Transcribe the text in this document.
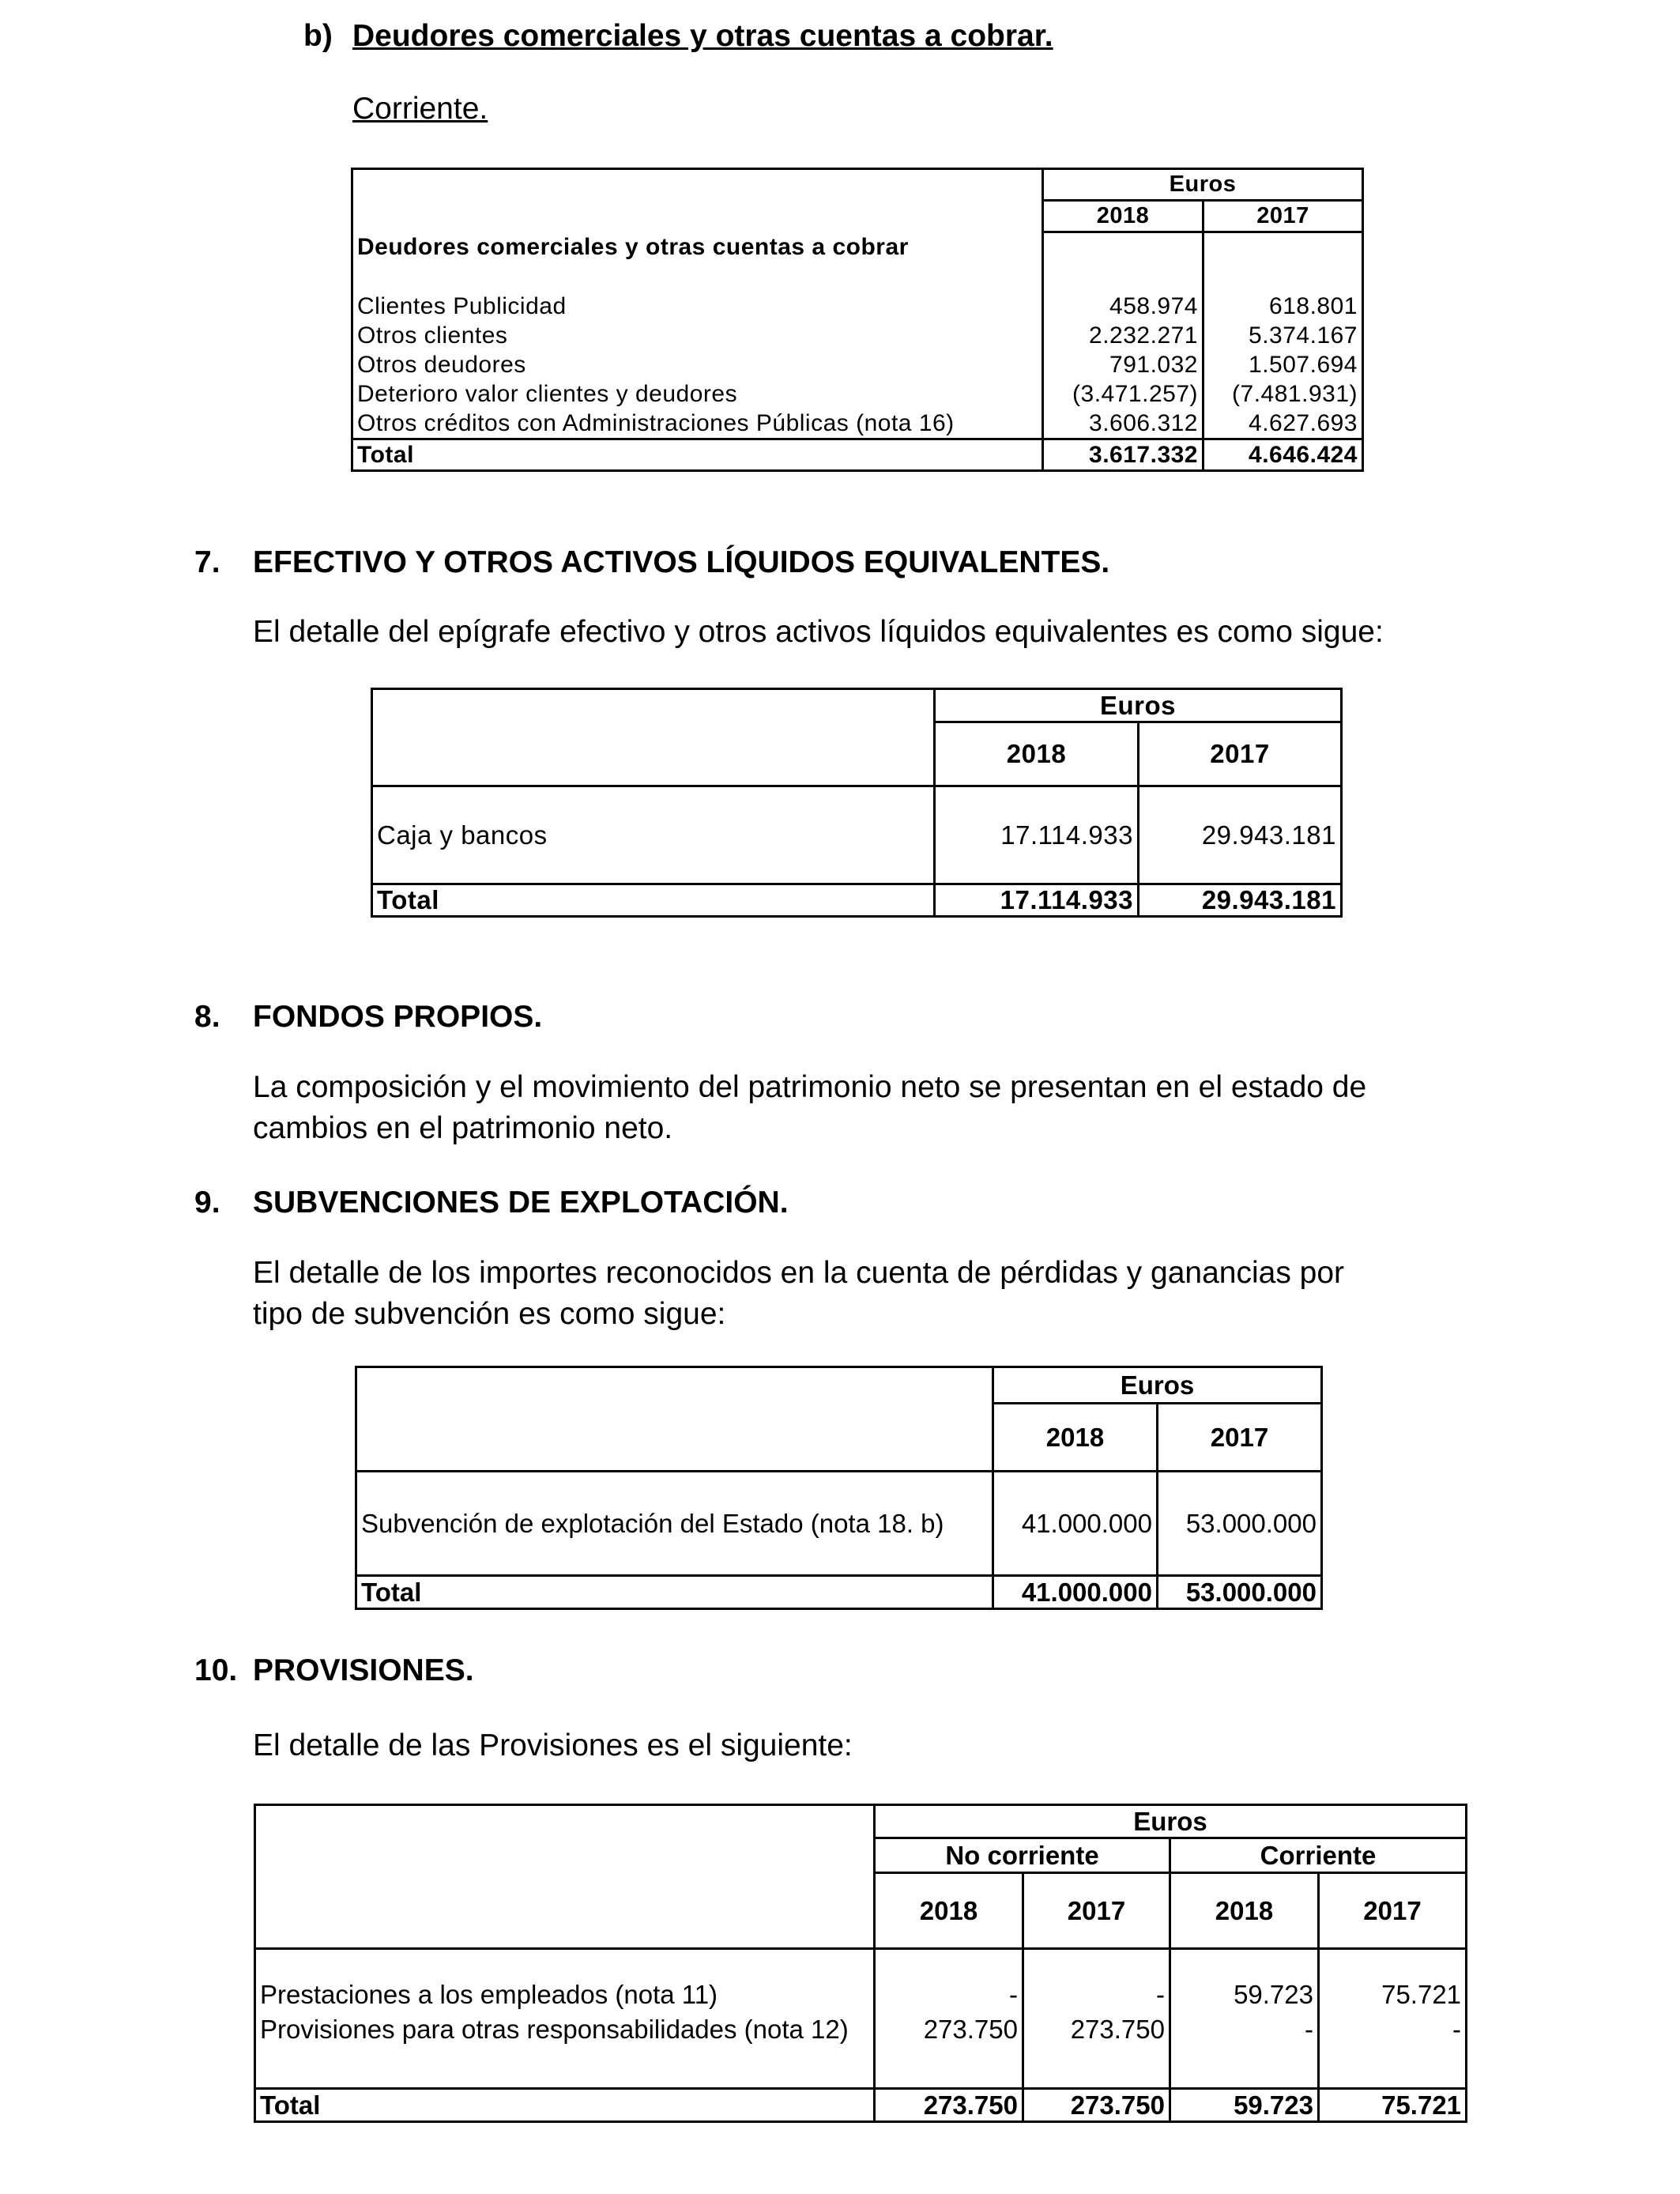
b) Deudores comerciales y otras cuentas a cobrar.
Corriente.
	Euros	
	2018	2017
Deudores comerciales y otras cuentas a cobrar		

Clientes Publicidad	458.974	618.801
Otros clientes	2.232.271	5.374.167
Otros deudores	791.032	1.507.694
Deterioro valor clientes y deudores	(3.471.257)	(7.481.931)
Otros créditos con Administraciones Públicas (nota 16)	3.606.312	4.627.693
Total	3.617.332	4.646.424
7. EFECTIVO Y OTROS ACTIVOS LÍQUIDOS EQUIVALENTES.
El detalle del epígrafe efectivo y otros activos líquidos equivalentes es como sigue:
	Euros	
	2018	2017
Caja y bancos	17.114.933	29.943.181
Total	17.114.933	29.943.181
8. FONDOS PROPIOS.
La composición y el movimiento del patrimonio neto se presentan en el estado de
cambios en el patrimonio neto.
9. SUBVENCIONES DE EXPLOTACIÓN.
El detalle de los importes reconocidos en la cuenta de pérdidas y ganancias por
tipo de subvención es como sigue:
	Euros	
	2018	2017
Subvención de explotación del Estado (nota 18. b)	41.000.000	53.000.000
Total	41.000.000	53.000.000
10. PROVISIONES.
El detalle de las Provisiones es el siguiente:
	Euros			
	No corriente		Corriente	
	2018	2017	2018	2017

Prestaciones a los empleados (nota 11)	-	-	59.723	75.721
Provisiones para otras responsabilidades (nota 12)	273.750	273.750	-	-

Total	273.750	273.750	59.723	75.721
